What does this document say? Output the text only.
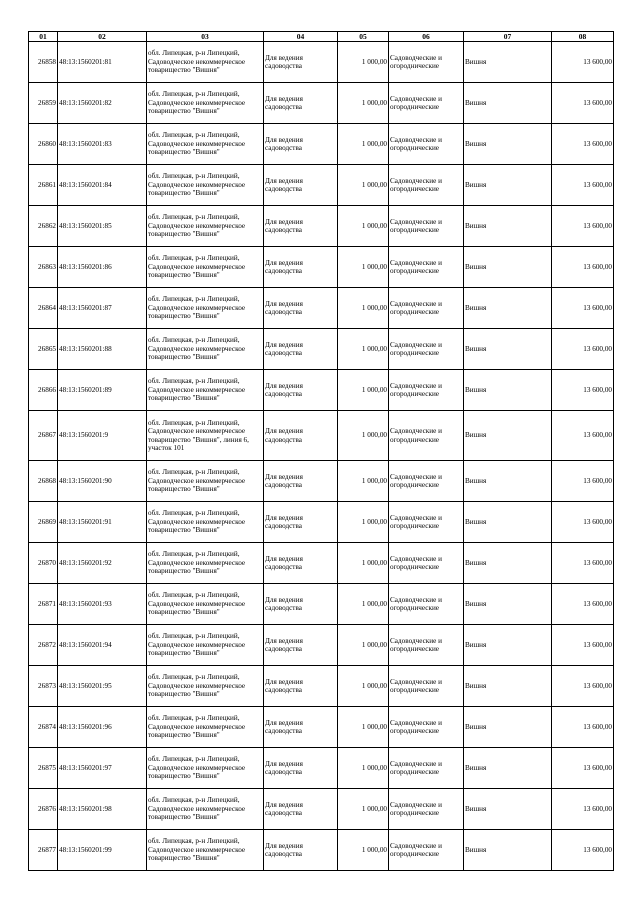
01	02	03	04	05	06	07	08
26858	48:13:1560201:81	обл. Липецкая, р-н Липецкий, Садоводческое некоммерческое товарищество "Вишня"	Для ведения садоводства	1 000,00	Садоводческие и огороднические	Вишня	13 600,00
26859	48:13:1560201:82	обл. Липецкая, р-н Липецкий, Садоводческое некоммерческое товарищество "Вишня"	Для ведения садоводства	1 000,00	Садоводческие и огороднические	Вишня	13 600,00
26860	48:13:1560201:83	обл. Липецкая, р-н Липецкий, Садоводческое некоммерческое товарищество "Вишня"	Для ведения садоводства	1 000,00	Садоводческие и огороднические	Вишня	13 600,00
26861	48:13:1560201:84	обл. Липецкая, р-н Липецкий, Садоводческое некоммерческое товарищество "Вишня"	Для ведения садоводства	1 000,00	Садоводческие и огороднические	Вишня	13 600,00
26862	48:13:1560201:85	обл. Липецкая, р-н Липецкий, Садоводческое некоммерческое товарищество "Вишня"	Для ведения садоводства	1 000,00	Садоводческие и огороднические	Вишня	13 600,00
26863	48:13:1560201:86	обл. Липецкая, р-н Липецкий, Садоводческое некоммерческое товарищество "Вишня"	Для ведения садоводства	1 000,00	Садоводческие и огороднические	Вишня	13 600,00
26864	48:13:1560201:87	обл. Липецкая, р-н Липецкий, Садоводческое некоммерческое товарищество "Вишня"	Для ведения садоводства	1 000,00	Садоводческие и огороднические	Вишня	13 600,00
26865	48:13:1560201:88	обл. Липецкая, р-н Липецкий, Садоводческое некоммерческое товарищество "Вишня"	Для ведения садоводства	1 000,00	Садоводческие и огороднические	Вишня	13 600,00
26866	48:13:1560201:89	обл. Липецкая, р-н Липецкий, Садоводческое некоммерческое товарищество "Вишня"	Для ведения садоводства	1 000,00	Садоводческие и огороднические	Вишня	13 600,00
26867	48:13:1560201:9	обл. Липецкая, р-н Липецкий, Садоводческое некоммерческое товарищество "Вишня", линия 6, участок 101	Для ведения садоводства	1 000,00	Садоводческие и огороднические	Вишня	13 600,00
26868	48:13:1560201:90	обл. Липецкая, р-н Липецкий, Садоводческое некоммерческое товарищество "Вишня"	Для ведения садоводства	1 000,00	Садоводческие и огороднические	Вишня	13 600,00
26869	48:13:1560201:91	обл. Липецкая, р-н Липецкий, Садоводческое некоммерческое товарищество "Вишня"	Для ведения садоводства	1 000,00	Садоводческие и огороднические	Вишня	13 600,00
26870	48:13:1560201:92	обл. Липецкая, р-н Липецкий, Садоводческое некоммерческое товарищество "Вишня"	Для ведения садоводства	1 000,00	Садоводческие и огороднические	Вишня	13 600,00
26871	48:13:1560201:93	обл. Липецкая, р-н Липецкий, Садоводческое некоммерческое товарищество "Вишня"	Для ведения садоводства	1 000,00	Садоводческие и огороднические	Вишня	13 600,00
26872	48:13:1560201:94	обл. Липецкая, р-н Липецкий, Садоводческое некоммерческое товарищество "Вишня"	Для ведения садоводства	1 000,00	Садоводческие и огороднические	Вишня	13 600,00
26873	48:13:1560201:95	обл. Липецкая, р-н Липецкий, Садоводческое некоммерческое товарищество "Вишня"	Для ведения садоводства	1 000,00	Садоводческие и огороднические	Вишня	13 600,00
26874	48:13:1560201:96	обл. Липецкая, р-н Липецкий, Садоводческое некоммерческое товарищество "Вишня"	Для ведения садоводства	1 000,00	Садоводческие и огороднические	Вишня	13 600,00
26875	48:13:1560201:97	обл. Липецкая, р-н Липецкий, Садоводческое некоммерческое товарищество "Вишня"	Для ведения садоводства	1 000,00	Садоводческие и огороднические	Вишня	13 600,00
26876	48:13:1560201:98	обл. Липецкая, р-н Липецкий, Садоводческое некоммерческое товарищество "Вишня"	Для ведения садоводства	1 000,00	Садоводческие и огороднические	Вишня	13 600,00
26877	48:13:1560201:99	обл. Липецкая, р-н Липецкий, Садоводческое некоммерческое товарищество "Вишня"	Для ведения садоводства	1 000,00	Садоводческие и огороднические	Вишня	13 600,00
